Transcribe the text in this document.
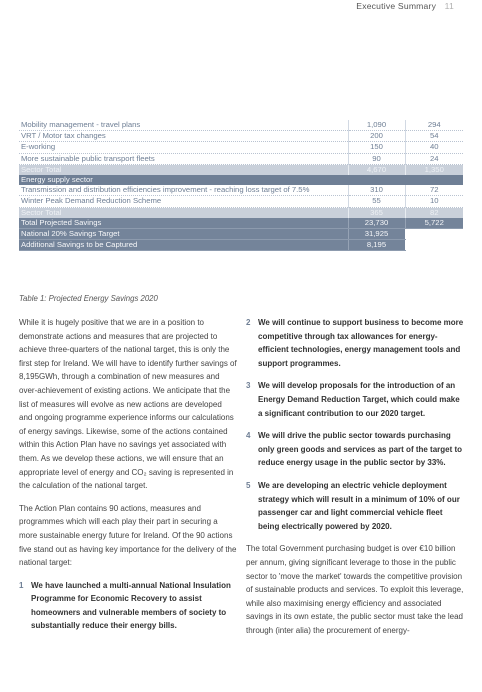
Executive Summary 11
Mobility management - travel plans	1,090	294
VRT / Motor tax changes	200	54
E-working	150	40
More sustainable public transport fleets	90	24
Sector Total	4,670	1,350
Energy supply sector		
Transmission and distribution efficiencies improvement - reaching loss target of 7.5%	310	72
Winter Peak Demand Reduction Scheme	55	10
Sector Total	365	82
Total Projected Savings	23,730	5,722
National 20% Savings Target	31,925	
Additional Savings to be Captured	8,195	
Table 1: Projected Energy Savings 2020

While it is hugely positive that we are in a position to demonstrate actions and measures that are projected to achieve three-quarters of the national target, this is only the first step for Ireland. We will have to identify further savings of 8,195GWh, through a combination of new measures and over-achievement of existing actions. We anticipate that the list of measures will evolve as new actions are developed and ongoing programme experience informs our calculations of energy savings. Likewise, some of the actions contained within this Action Plan have no savings yet associated with them. As we develop these actions, we will ensure that an appropriate level of energy and CO₂ saving is represented in the calculation of the national target.

The Action Plan contains 90 actions, measures and programmes which will each play their part in securing a more sustainable energy future for Ireland. Of the 90 actions five stand out as having key importance for the delivery of the national target:

1 We have launched a multi-annual National Insulation Programme for Economic Recovery to assist homeowners and vulnerable members of society to substantially reduce their energy bills.
2 We will continue to support business to become more competitive through tax allowances for energy-efficient technologies, energy management tools and support programmes.
3 We will develop proposals for the introduction of an Energy Demand Reduction Target, which could make a significant contribution to our 2020 target.
4 We will drive the public sector towards purchasing only green goods and services as part of the target to reduce energy usage in the public sector by 33%.
5 We are developing an electric vehicle deployment strategy which will result in a minimum of 10% of our passenger car and light commercial vehicle fleet being electrically powered by 2020.

The total Government purchasing budget is over €10 billion per annum, giving significant leverage to those in the public sector to 'move the market' towards the competitive provision of sustainable products and services. To exploit this leverage, while also maximising energy efficiency and associated savings in its own estate, the public sector must take the lead through (inter alia) the procurement of energy-
